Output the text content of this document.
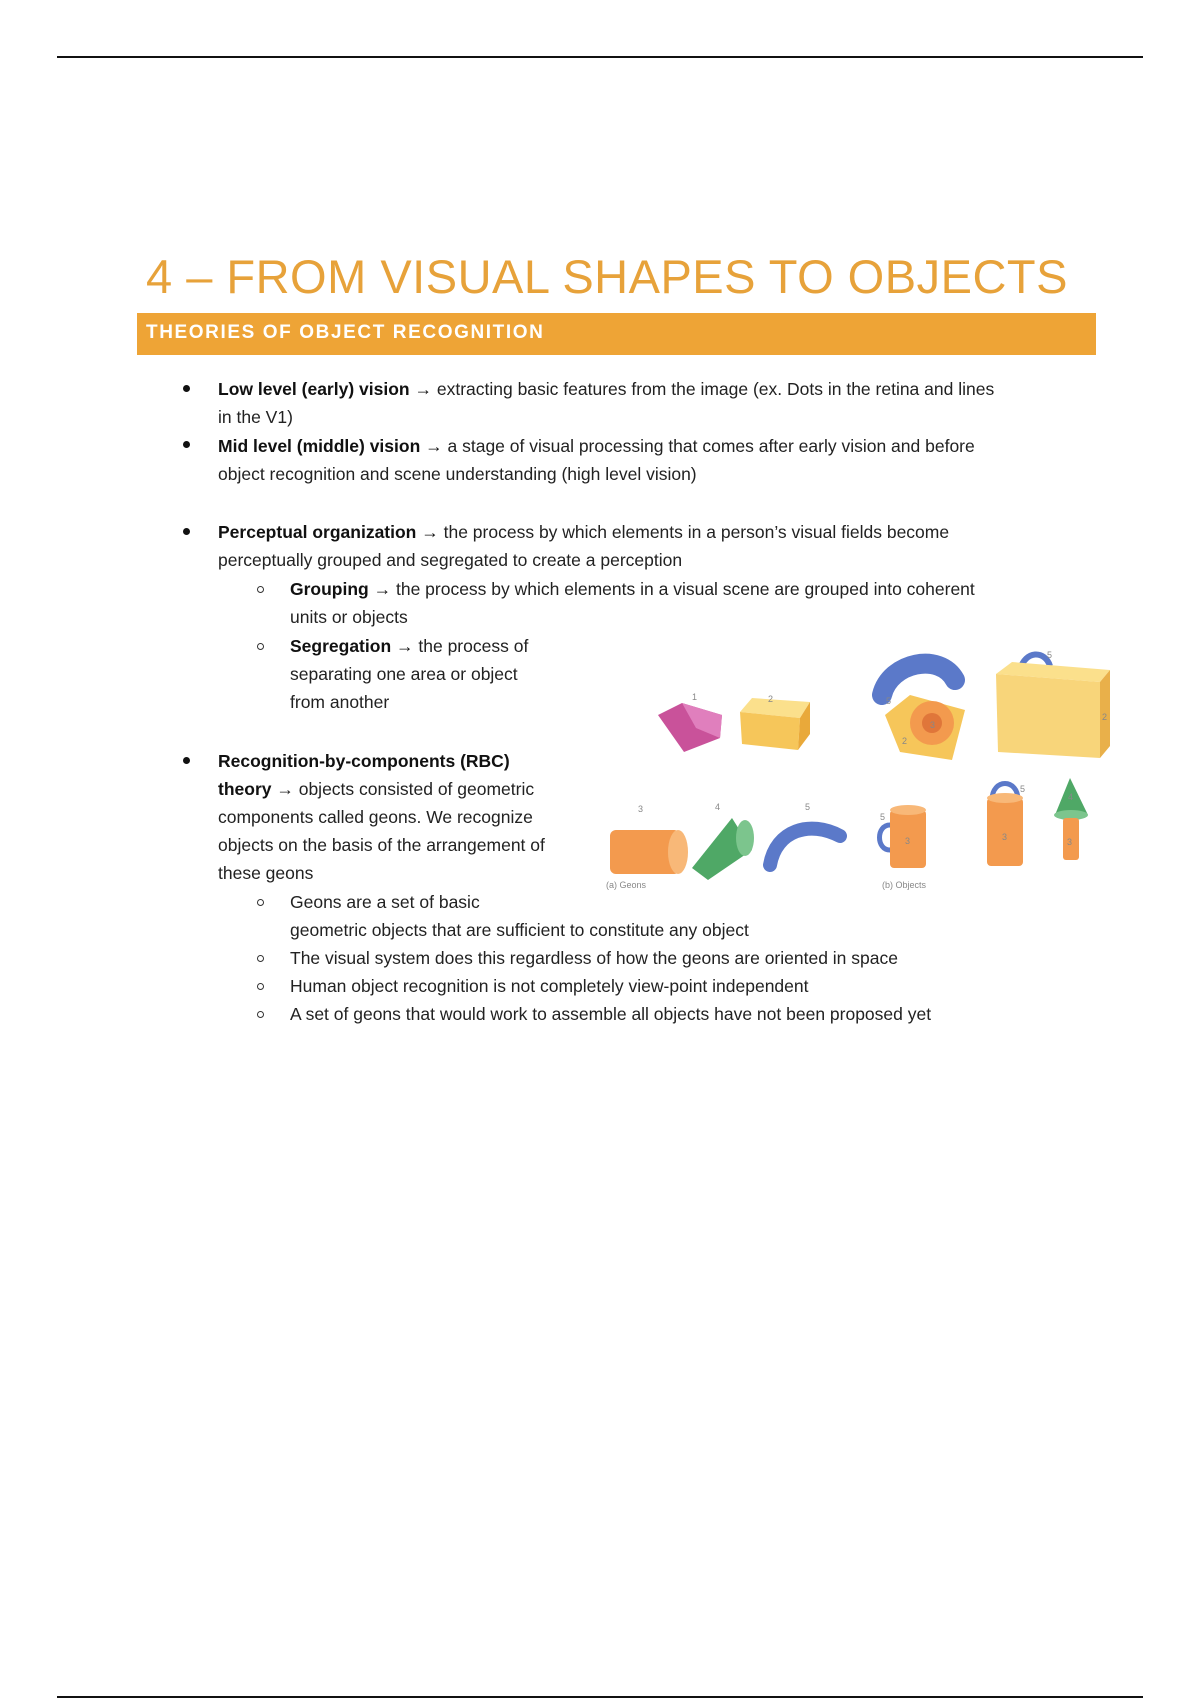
4 – FROM VISUAL SHAPES TO OBJECTS
THEORIES OF OBJECT RECOGNITION
Low level (early) vision → extracting basic features from the image (ex. Dots in the retina and lines
in the V1)
Mid level (middle) vision → a stage of visual processing that comes after early vision and before
object recognition and scene understanding (high level vision)
Perceptual organization → the process by which elements in a person’s visual fields become
perceptually grouped and segregated to create a perception
Grouping → the process by which elements in a visual scene are grouped into coherent
units or objects
Segregation → the process of
separating one area or object
from another
Recognition-by-components (RBC)
theory → objects consisted of geometric
components called geons. We recognize
objects on the basis of the arrangement of
these geons
Geons are a set of basic
geometric objects that are sufficient to constitute any object
The visual system does this regardless of how the geons are oriented in space
Human object recognition is not completely view-point independent
A set of geons that would work to assemble all objects have not been proposed yet
1	2
3	4	5
(a) Geons
5
3
2
5
2
5
3	3
5
4
3
(b) Objects
